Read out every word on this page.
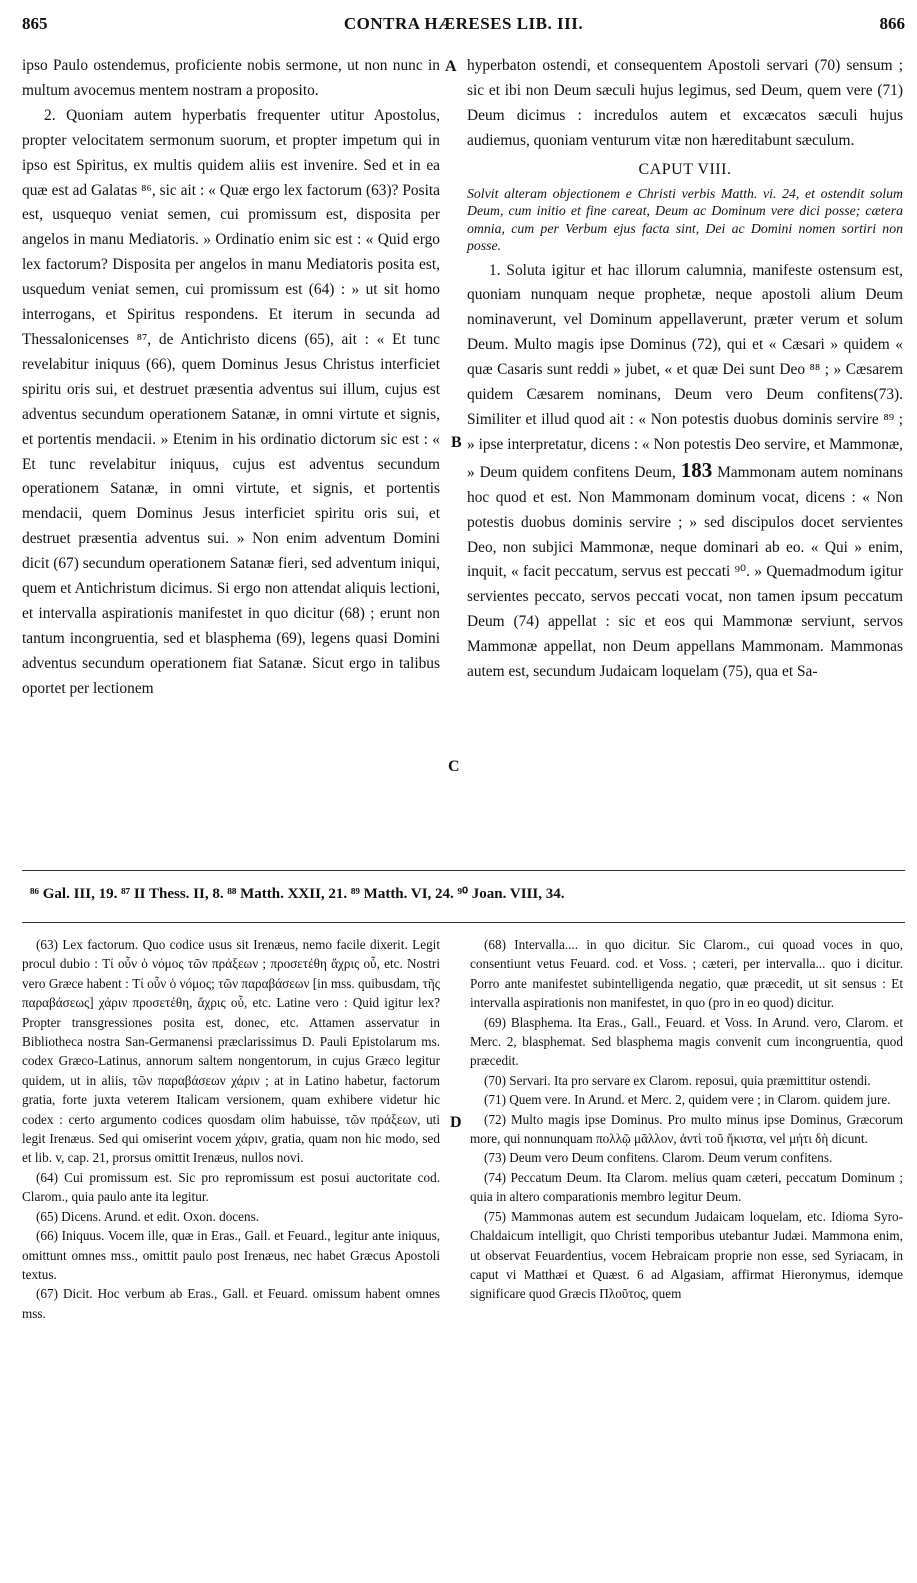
865	CONTRA HÆRESES LIB. III.	866

ipso Paulo ostendemus, proficiente nobis sermone, ut non nunc in multum avocemus mentem nostram a proposito.

2. Quoniam autem hyperbatis frequenter utitur Apostolus, propter velocitatem sermonum suorum, et propter impetum qui in ipso est Spiritus, ex multis quidem aliis est invenire. Sed et in ea quæ est ad Galatas ⁸⁶, sic ait : « Quæ ergo lex factorum (63)? Posita est, usquequo veniat semen, cui promissum est, disposita per angelos in manu Mediatoris. » Ordinatio enim sic est : « Quid ergo lex factorum? Disposita per angelos in manu Mediatoris posita est, usquedum veniat semen, cui promissum est (64) : » ut sit homo interrogans, et Spiritus respondens. Et iterum in secunda ad Thessalonicenses ⁸⁷, de Antichristo dicens (65), ait : « Et tunc revelabitur iniquus (66), quem Dominus Jesus Christus interficiet spiritu oris sui, et destruet præsentia adventus sui illum, cujus est adventus secundum operationem Satanæ, in omni virtute et signis, et portentis mendacii. » Etenim in his ordinatio dictorum sic est : « Et tunc revelabitur iniquus, cujus est adventus secundum operationem Satanæ, in omni virtute, et signis, et portentis mendacii, quem Dominus Jesus interficiet spiritu oris sui, et destruet præsentia adventus sui. » Non enim adventum Domini dicit (67) secundum operationem Satanæ fieri, sed adventum iniqui, quem et Antichristum dicimus. Si ergo non attendat aliquis lectioni, et intervalla aspirationis manifestet in quo dicitur (68) ; erunt non tantum incongruentia, sed et blasphema (69), legens quasi Domini adventus secundum operationem fiat Satanæ. Sicut ergo in talibus oportet per lectionem

A
B
C
D

hyperbaton ostendi, et consequentem Apostoli servari (70) sensum ; sic et ibi non Deum sæculi hujus legimus, sed Deum, quem vere (71) Deum dicimus : incredulos autem et excæcatos sæculi hujus audiemus, quoniam venturum vitæ non hæreditabunt sæculum.

CAPUT VIII.
Solvit alteram objectionem e Christi verbis Matth. vi. 24, et ostendit solum Deum, cum initio et fine careat, Deum ac Dominum vere dici posse; cætera omnia, cum per Verbum ejus facta sint, Dei ac Domini nomen sortiri non posse.

1. Soluta igitur et hac illorum calumnia, manifeste ostensum est, quoniam nunquam neque prophetæ, neque apostoli alium Deum nominaverunt, vel Dominum appellaverunt, præter verum et solum Deum. Multo magis ipse Dominus (72), qui et « Cæsari » quidem « quæ Casaris sunt reddi » jubet, « et quæ Dei sunt Deo ⁸⁸ ; » Cæsarem quidem Cæsarem nominans, Deum vero Deum confitens(73). Similiter et illud quod ait : « Non potestis duobus dominis servire ⁸⁹ ; » ipse interpretatur, dicens : « Non potestis Deo servire, et Mammonæ, » Deum quidem confitens Deum, 183 Mammonam autem nominans hoc quod et est. Non Mammonam dominum vocat, dicens : « Non potestis duobus dominis servire ; » sed discipulos docet servientes Deo, non subjici Mammonæ, neque dominari ab eo. « Qui » enim, inquit, « facit peccatum, servus est peccati ⁹⁰. » Quemadmodum igitur servientes peccato, servos peccati vocat, non tamen ipsum peccatum Deum (74) appellat : sic et eos qui Mammonæ serviunt, servos Mammonæ appellat, non Deum appellans Mammonam. Mammonas autem est, secundum Judaicam loquelam (75), qua et Sa-

⁸⁶ Gal. III, 19. ⁸⁷ II Thess. II, 8. ⁸⁸ Matth. XXII, 21. ⁸⁹ Matth. VI, 24. ⁹⁰ Joan. VIII, 34.

(63) Lex factorum. Quo codice usus sit Irenæus, nemo facile dixerit. Legit procul dubio : Τί οὖν ὁ νόμος τῶν πράξεων ; προσετέθη ἄχρις οὗ, etc. Nostri vero Græce habent : Τί οὖν ὁ νόμος; τῶν παραβάσεων [in mss. quibusdam, τῆς παραβάσεως] χάριν προσετέθη, ἄχρις οὗ, etc. Latine vero : Quid igitur lex? Propter transgressiones posita est, donec, etc. Attamen asservatur in Bibliotheca nostra San-Germanensi præclarissimus D. Pauli Epistolarum ms. codex Græco-Latinus, annorum saltem nongentorum, in cujus Græco legitur quidem, ut in aliis, τῶν παραβάσεων χάριν ; at in Latino habetur, factorum gratia, forte juxta veterem Italicam versionem, quam exhibere videtur hic codex : certo argumento codices quosdam olim habuisse, τῶν πράξεων, uti legit Irenæus. Sed qui omiserint vocem χάριν, gratia, quam non hic modo, sed et lib. v, cap. 21, prorsus omittit Irenæus, nullos novi.

(64) Cui promissum est. Sic pro repromissum est posui auctoritate cod. Clarom., quia paulo ante ita legitur.

(65) Dicens. Arund. et edit. Oxon. docens.

(66) Iniquus. Vocem ille, quæ in Eras., Gall. et Feuard., legitur ante iniquus, omittunt omnes mss., omittit paulo post Irenæus, nec habet Græcus Apostoli textus.

(67) Dicit. Hoc verbum ab Eras., Gall. et Feuard. omissum habent omnes mss.

(68) Intervalla.... in quo dicitur. Sic Clarom., cui quoad voces in quo, consentiunt vetus Feuard. cod. et Voss. ; cæteri, per intervalla... quo i dicitur. Porro ante manifestet subintelligenda negatio, quæ præcedit, ut sit sensus : Et intervalla aspirationis non manifestet, in quo (pro in eo quod) dicitur.

(69) Blasphema. Ita Eras., Gall., Feuard. et Voss. In Arund. vero, Clarom. et Merc. 2, blasphemat. Sed blasphema magis convenit cum incongruentia, quod præcedit.

(70) Servari. Ita pro servare ex Clarom. reposui, quia præmittitur ostendi.

(71) Quem vere. In Arund. et Merc. 2, quidem vere ; in Clarom. quidem jure.

(72) Multo magis ipse Dominus. Pro multo minus ipse Dominus, Græcorum more, qui nonnunquam πολλῷ μᾶλλον, ἀντὶ τοῦ ἥκιστα, vel μήτι δὴ dicunt.

(73) Deum vero Deum confitens. Clarom. Deum verum confitens.

(74) Peccatum Deum. Ita Clarom. melius quam cæteri, peccatum Dominum ; quia in altero comparationis membro legitur Deum.

(75) Mammonas autem est secundum Judaicam loquelam, etc. Idioma Syro-Chaldaicum intelligit, quo Christi temporibus utebantur Judæi. Mammona enim, ut observat Feuardentius, vocem Hebraicam proprie non esse, sed Syriacam, in caput vi Matthæi et Quæst. 6 ad Algasiam, affirmat Hieronymus, idemque significare quod Græcis Πλοῦτος, quem
